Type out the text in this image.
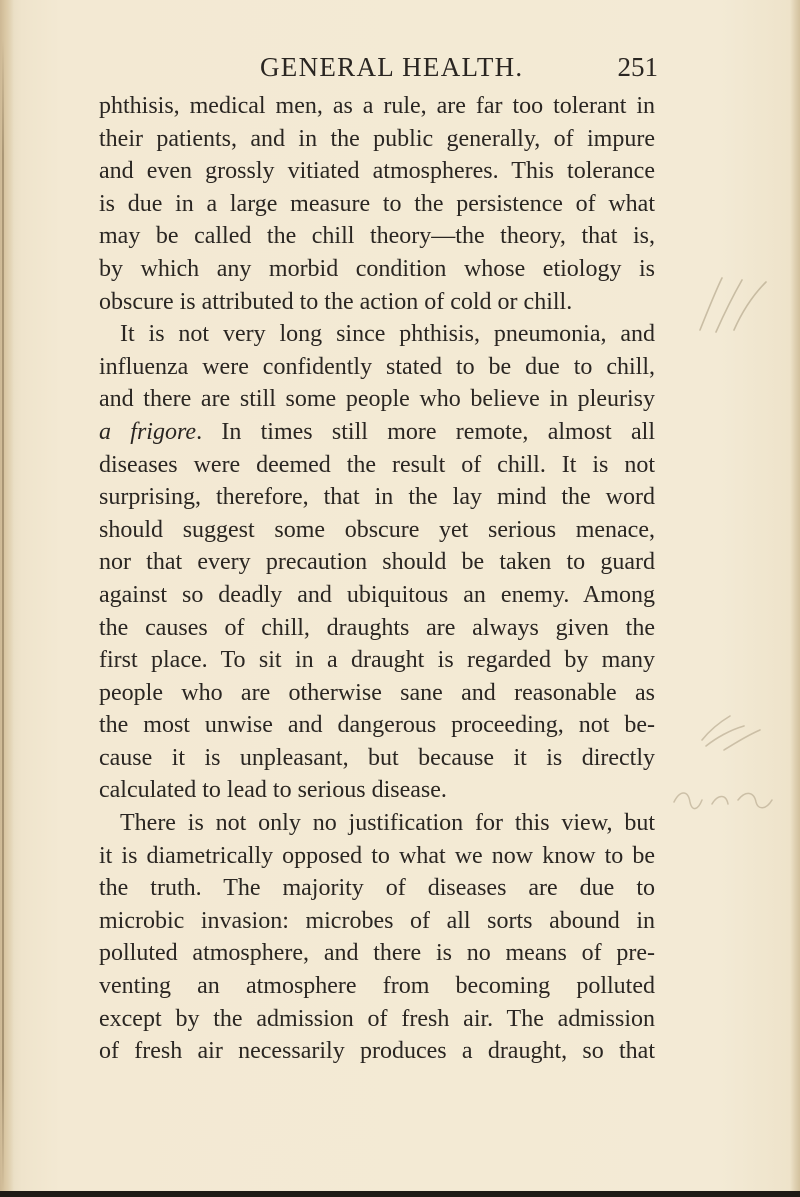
GENERAL HEALTH.	251
phthisis, medical men, as a rule, are far too tolerant in
their patients, and in the public generally, of impure
and even grossly vitiated atmospheres. This tolerance
is due in a large measure to the persistence of what
may be called the chill theory—the theory, that is,
by which any morbid condition whose etiology is
obscure is attributed to the action of cold or chill.
It is not very long since phthisis, pneumonia, and
influenza were confidently stated to be due to chill,
and there are still some people who believe in pleurisy
a frigore. In times still more remote, almost all
diseases were deemed the result of chill. It is not
surprising, therefore, that in the lay mind the word
should suggest some obscure yet serious menace,
nor that every precaution should be taken to guard
against so deadly and ubiquitous an enemy. Among
the causes of chill, draughts are always given the
first place. To sit in a draught is regarded by many
people who are otherwise sane and reasonable as
the most unwise and dangerous proceeding, not be-
cause it is unpleasant, but because it is directly
calculated to lead to serious disease.
There is not only no justification for this view, but
it is diametrically opposed to what we now know to be
the truth. The majority of diseases are due to
microbic invasion: microbes of all sorts abound in
polluted atmosphere, and there is no means of pre-
venting an atmosphere from becoming polluted
except by the admission of fresh air. The admission
of fresh air necessarily produces a draught, so that
